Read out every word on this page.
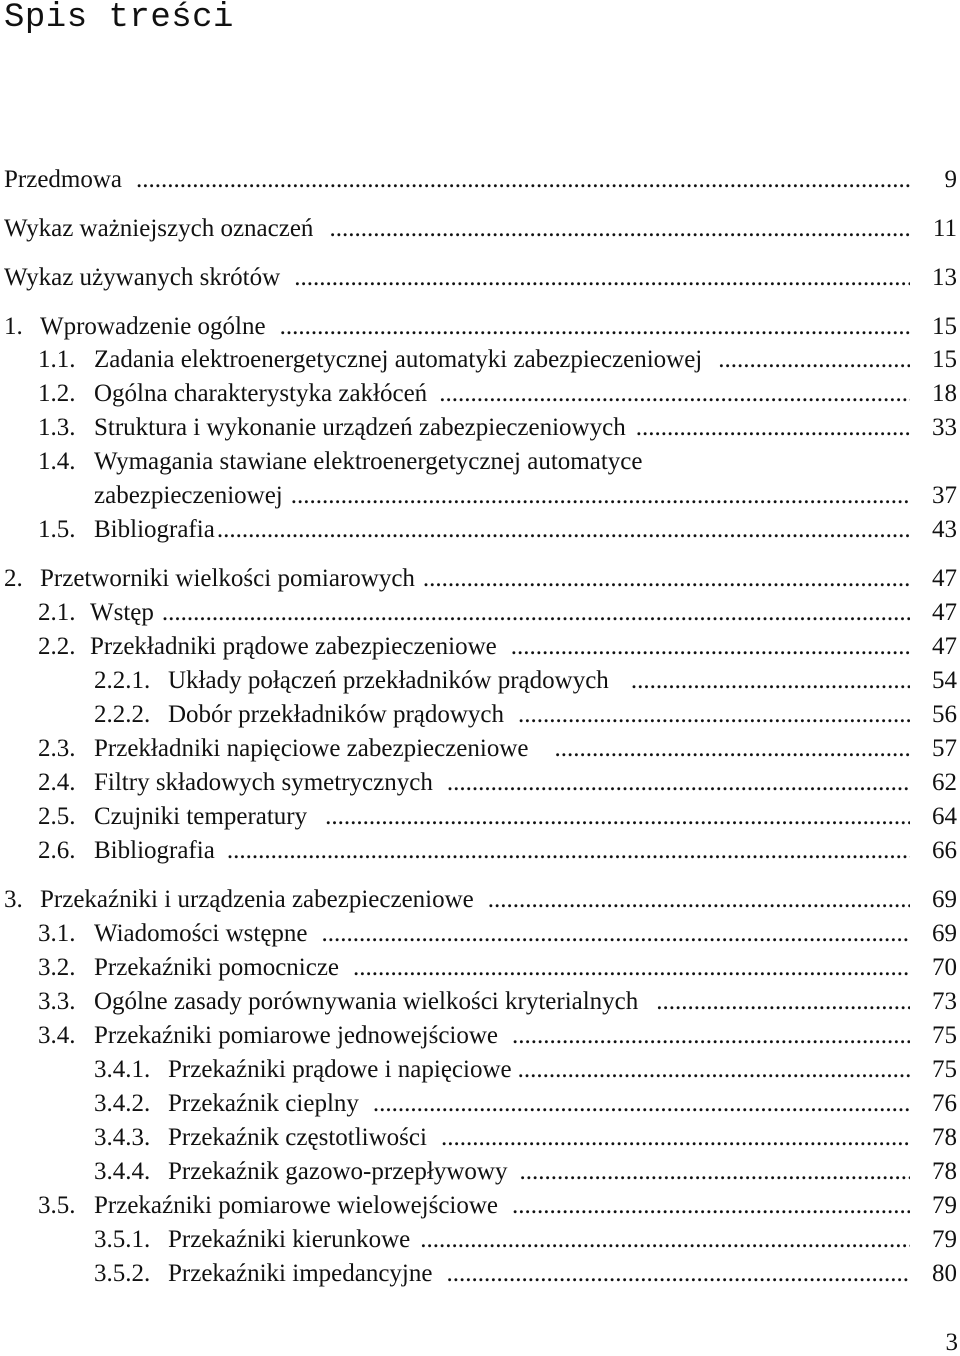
Spis treści
Przedmowa .....	9
Wykaz ważniejszych oznaczeń .....	11
Wykaz używanych skrótów .....	13
1. Wprowadzenie ogólne .....	15
1.1. Zadania elektroenergetycznej automatyki zabezpieczeniowej .....	15
1.2. Ogólna charakterystyka zakłóceń .....	18
1.3. Struktura i wykonanie urządzeń zabezpieczeniowych .....	33
1.4. Wymagania stawiane elektroenergetycznej automatyce
zabezpieczeniowej .....	37
1.5. Bibliografia .....	43
2. Przetworniki wielkości pomiarowych .....	47
2.1. Wstęp .....	47
2.2. Przekładniki prądowe zabezpieczeniowe .....	47
2.2.1. Układy połączeń przekładników prądowych .....	54
2.2.2. Dobór przekładników prądowych .....	56
2.3. Przekładniki napięciowe zabezpieczeniowe .....	57
2.4. Filtry składowych symetrycznych .....	62
2.5. Czujniki temperatury .....	64
2.6. Bibliografia .....	66
3. Przekaźniki i urządzenia zabezpieczeniowe .....	69
3.1. Wiadomości wstępne .....	69
3.2. Przekaźniki pomocnicze .....	70
3.3. Ogólne zasady porównywania wielkości kryterialnych .....	73
3.4. Przekaźniki pomiarowe jednowejściowe .....	75
3.4.1. Przekaźniki prądowe i napięciowe .....	75
3.4.2. Przekaźnik cieplny .....	76
3.4.3. Przekaźnik częstotliwości .....	78
3.4.4. Przekaźnik gazowo-przepływowy .....	78
3.5. Przekaźniki pomiarowe wielowejściowe .....	79
3.5.1. Przekaźniki kierunkowe .....	79
3.5.2. Przekaźniki impedancyjne .....	80
3
